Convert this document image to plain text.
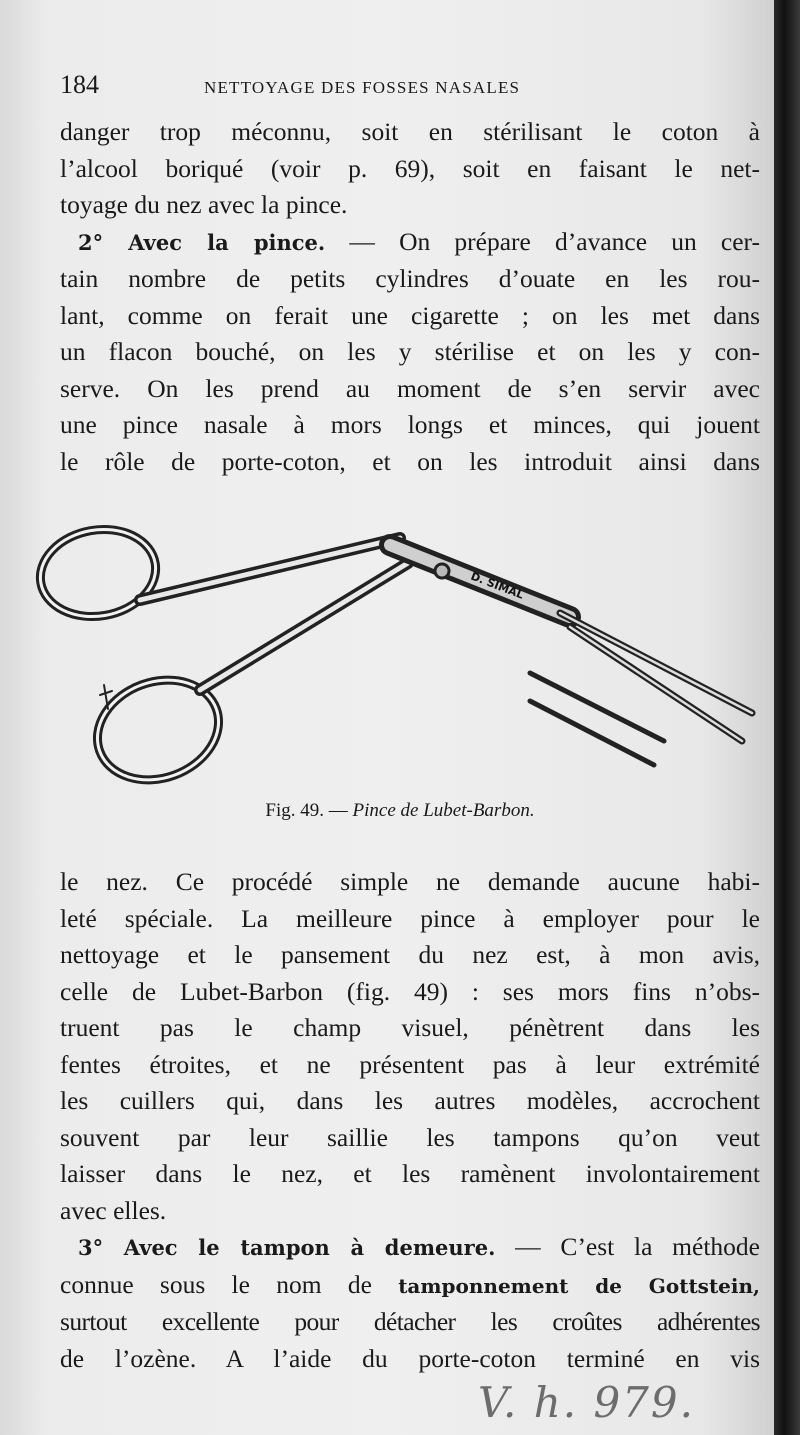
184	NETTOYAGE DES FOSSES NASALES
danger trop méconnu, soit en stérilisant le coton à
l’alcool boriqué (voir p. 69), soit en faisant le net-
toyage du nez avec la pince.
2° Avec la pince. — On prépare d’avance un cer-
tain nombre de petits cylindres d’ouate en les rou-
lant, comme on ferait une cigarette ; on les met dans
un flacon bouché, on les y stérilise et on les y con-
serve. On les prend au moment de s’en servir avec
une pince nasale à mors longs et minces, qui jouent
le rôle de porte-coton, et on les introduit ainsi dans
D. SIMAL
Fig. 49. — Pince de Lubet-Barbon.
le nez. Ce procédé simple ne demande aucune habi-
leté spéciale. La meilleure pince à employer pour le
nettoyage et le pansement du nez est, à mon avis,
celle de Lubet-Barbon (fig. 49) : ses mors fins n’obs-
truent pas le champ visuel, pénètrent dans les
fentes étroites, et ne présentent pas à leur extrémité
les cuillers qui, dans les autres modèles, accrochent
souvent par leur saillie les tampons qu’on veut
laisser dans le nez, et les ramènent involontairement
avec elles.
3° Avec le tampon à demeure. — C’est la méthode
connue sous le nom de tamponnement de Gottstein,
surtout excellente pour détacher les croûtes adhérentes
de l’ozène. A l’aide du porte-coton terminé en vis
V. h. 979.
